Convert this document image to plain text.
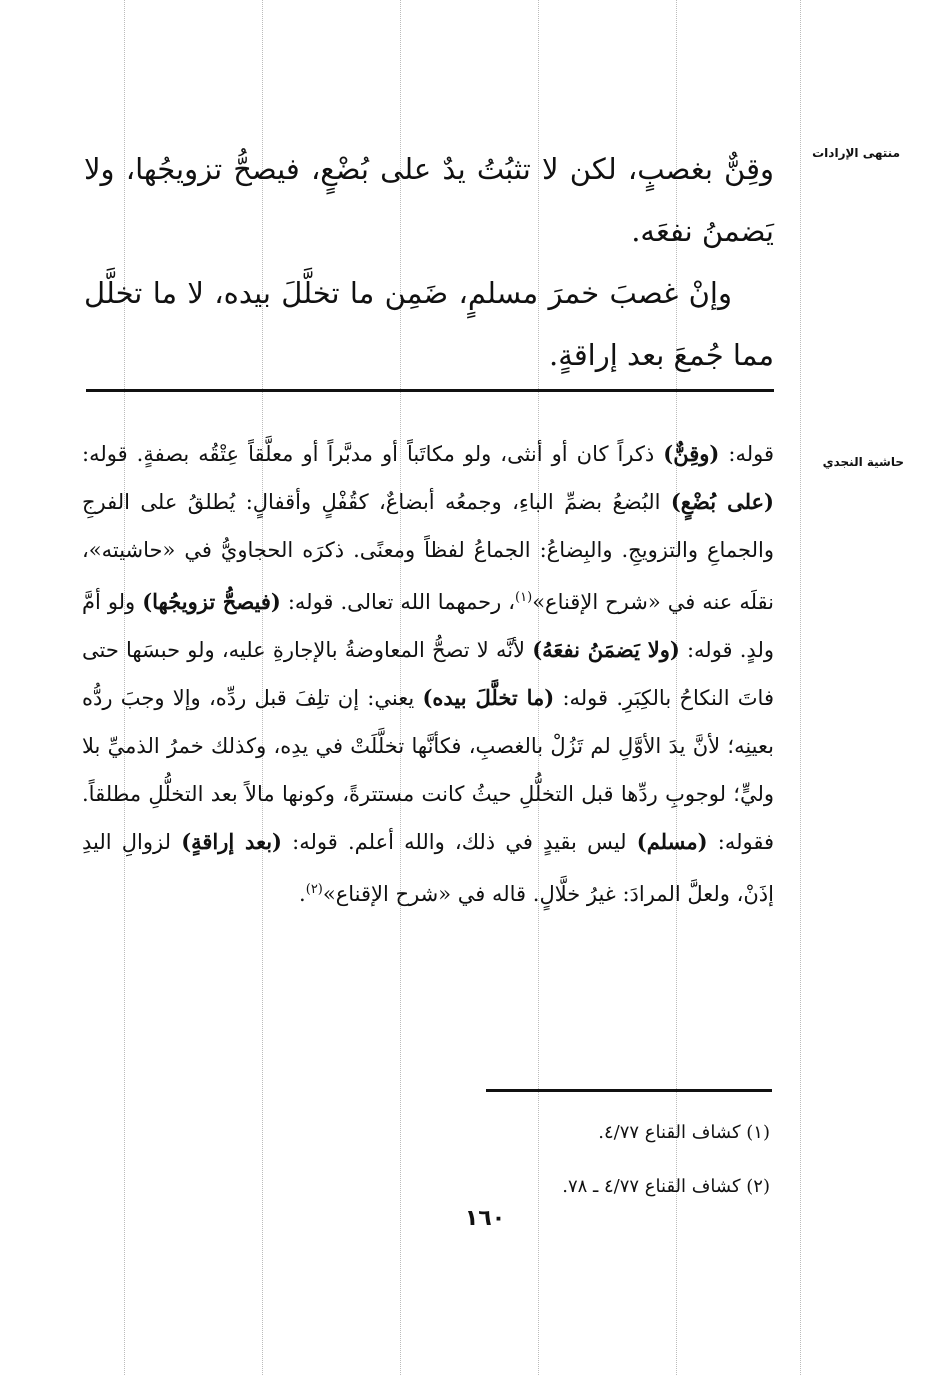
منتهى الإرادات
حاشية النجدي

وقِنٌّ بغصبٍ، لكن لا تثبُتُ يدٌ على بُضْعٍ، فيصحُّ تزويجُها، ولا يَضمنُ نفعَه.

وإنْ غصبَ خمرَ مسلمٍ، ضَمِن ما تخلَّلَ بيده، لا ما تخلَّل مما جُمعَ بعد إراقةٍ.

قوله: (وقِنٌّ) ذكراً كان أو أنثى، ولو مكاتَباً أو مدبَّراً أو معلَّقاً عِتْقُه بصفةٍ. قوله: (على بُضْعٍ) البُضعُ بضمِّ الباءِ، وجمعُه أبضاعٌ، كقُفْلٍ وأقفالٍ: يُطلقُ على الفرجِ والجماعِ والتزويجِ. والبِضاعُ: الجماعُ لفظاً ومعنًى. ذكرَه الحجاويُّ في «حاشيته»، نقلَه عنه في «شرح الإقناع»$^{(١)}$، رحمهما الله تعالى. قوله: (فيصحُّ تزويجُها) ولو أمَّ ولدٍ. قوله: (ولا يَضمَنُ نفعَهُ) لأنَّه لا تصحُّ المعاوضةُ بالإجارةِ عليه، ولو حبسَها حتى فاتَ النكاحُ بالكِبَرِ. قوله: (ما تخلَّلَ بيده) يعني: إن تلِفَ قبل ردِّه، وإلا وجبَ ردُّه بعينِه؛ لأنَّ يدَ الأوَّلِ لم تَزُلْ بالغصبِ، فكأنَّها تخلَّلَتْ في يدِه، وكذلك خمرُ الذميِّ بلا وليٍّ؛ لوجوبِ ردِّها قبل التخلُّلِ حيثُ كانت مستترةً، وكونها مالاً بعد التخلُّلِ مطلقاً. فقوله: (مسلم) ليس بقيدٍ في ذلك، والله أعلم. قوله: (بعد إراقةٍ) لزوالِ اليدِ إذَنْ، ولعلَّ المرادَ: غيرُ خلَّالٍ. قاله في «شرح الإقناع»$^{(٢)}$.
(١) كشاف القناع ٤/٧٧.
(٢) كشاف القناع ٤/٧٧ ـ ٧٨.
١٦٠
